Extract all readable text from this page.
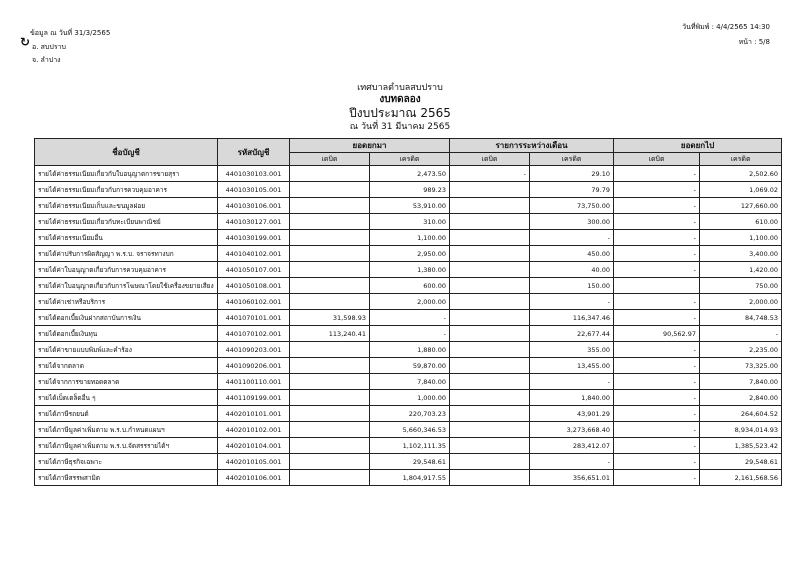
↻
ข้อมูล ณ วันที่ 31/3/2565
อ. สบปราบ
จ. ลำปาง
วันที่พิมพ์ : 4/4/2565 14:30
หน้า : 5/8
เทศบาลตำบลสบปราบ
งบทดลอง
ปีงบประมาณ 2565
ณ วันที่ 31 มีนาคม 2565
ชื่อบัญชี	รหัสบัญชี	ยอดยกมา		รายการระหว่างเดือน		ยอดยกไป	
		เดบิต	เครดิต	เดบิต	เครดิต	เดบิต	เครดิต
รายได้ค่าธรรมเนียมเกี่ยวกับใบอนุญาตการขายสุรา	4401030103.001		2,473.50	-	29.10	-	2,502.60
รายได้ค่าธรรมเนียมเกี่ยวกับการควบคุมอาคาร	4401030105.001		989.23		79.79	-	1,069.02
รายได้ค่าธรรมเนียมเก็บและขนมูลฝอย	4401030106.001		53,910.00		73,750.00	-	127,660.00
รายได้ค่าธรรมเนียมเกี่ยวกับทะเบียนพาณิชย์	4401030127.001		310.00		300.00	-	610.00
รายได้ค่าธรรมเนียมอื่น	4401030199.001		1,100.00		-	-	1,100.00
รายได้ค่าปรับการผิดสัญญา พ.ร.บ. จราจรทางบก	4401040102.001		2,950.00		450.00	-	3,400.00
รายได้ค่าใบอนุญาตเกี่ยวกับการควบคุมอาคาร	4401050107.001		1,380.00		40.00	-	1,420.00
รายได้ค่าใบอนุญาตเกี่ยวกับการโฆษณาโดยใช้เครื่องขยายเสียง	4401050108.001		600.00		150.00		750.00
รายได้ค่าเช่าหรือบริการ	4401060102.001		2,000.00		-	-	2,000.00
รายได้ดอกเบี้ยเงินฝากสถาบันการเงิน	4401070101.001	31,598.93	-		116,347.46	-	84,748.53
รายได้ดอกเบี้ยเงินทุน	4401070102.001	113,240.41	-		22,677.44	90,562.97	-
รายได้ค่าขายแบบพิมพ์และคำร้อง	4401090203.001		1,880.00		355.00	-	2,235.00
รายได้จากตลาด	4401090206.001		59,870.00		13,455.00	-	73,325.00
รายได้จากการขายทอดตลาด	4401100110.001		7,840.00		-	-	7,840.00
รายได้เบ็ดเตล็ดอื่น ๆ	4401109199.001		1,000.00		1,840.00	-	2,840.00
รายได้ภาษีรถยนต์	4402010101.001		220,703.23		43,901.29	-	264,604.52
รายได้ภาษีมูลค่าเพิ่มตาม พ.ร.บ.กำหนดแผนฯ	4402010102.001		5,660,346.53		3,273,668.40	-	8,934,014.93
รายได้ภาษีมูลค่าเพิ่มตาม พ.ร.บ.จัดสรรรายได้ฯ	4402010104.001		1,102,111.35		283,412.07	-	1,385,523.42
รายได้ภาษีธุรกิจเฉพาะ	4402010105.001		29,548.61		-	-	29,548.61
รายได้ภาษีสรรพสามิต	4402010106.001		1,804,917.55		356,651.01	-	2,161,568.56
